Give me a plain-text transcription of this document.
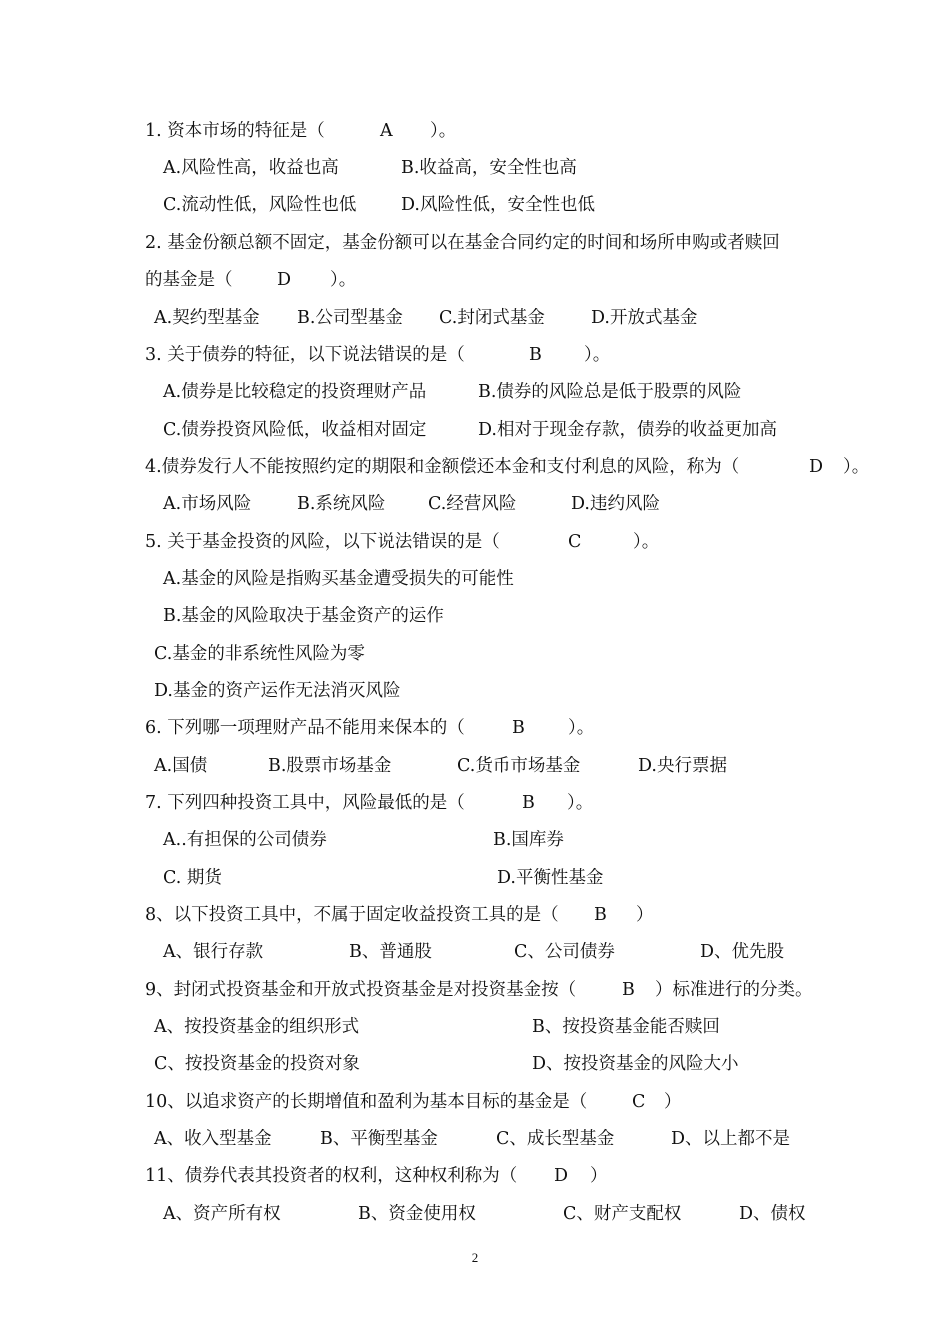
1. 资本市场的特征是（	A ）。
A.风险性高，收益也高	B.收益高，安全性也高
C.流动性低，风险性也低	D.风险性低，安全性也低
2. 基金份额总额不固定，基金份额可以在基金合同约定的时间和场所申购或者赎回
的基金是（	D ）。
A.契约型基金 B.公司型基金 C.封闭式基金	D.开放式基金
3. 关于债券的特征，以下说法错误的是（	B ）。
A.债券是比较稳定的投资理财产品	B.债券的风险总是低于股票的风险
C.债券投资风险低，收益相对固定	D.相对于现金存款，债券的收益更加高
4.债券发行人不能按照约定的期限和金额偿还本金和支付利息的风险，称为（	D ）。
A.市场风险	B.系统风险 C.经营风险	D.违约风险
5. 关于基金投资的风险，以下说法错误的是（	C	）。
A.基金的风险是指购买基金遭受损失的可能性
B.基金的风险取决于基金资产的运作
C.基金的非系统性风险为零
D.基金的资产运作无法消灭风险
6. 下列哪一项理财产品不能用来保本的（	B ）。
A.国债	B.股票市场基金	C.货币市场基金	D.央行票据
7. 下列四种投资工具中，风险最低的是（	B ）。
A..有担保的公司债券	B.国库券
C. 期货	D.平衡性基金
8、以下投资工具中，不属于固定收益投资工具的是（ B ）
A、银行存款	B、普通股	C、公司债券	D、优先股
9、封闭式投资基金和开放式投资基金是对投资基金按（	B ）标准进行的分类。
A、按投资基金的组织形式	B、按投资基金能否赎回
C、按投资基金的投资对象	D、按投资基金的风险大小
10、以追求资产的长期增值和盈利为基本目标的基金是（	C ）
A、收入型基金	B、平衡型基金	C、成长型基金	D、以上都不是
11、债券代表其投资者的权利，这种权利称为（ D ）
A、资产所有权	B、资金使用权	C、财产支配权	D、债权
2
